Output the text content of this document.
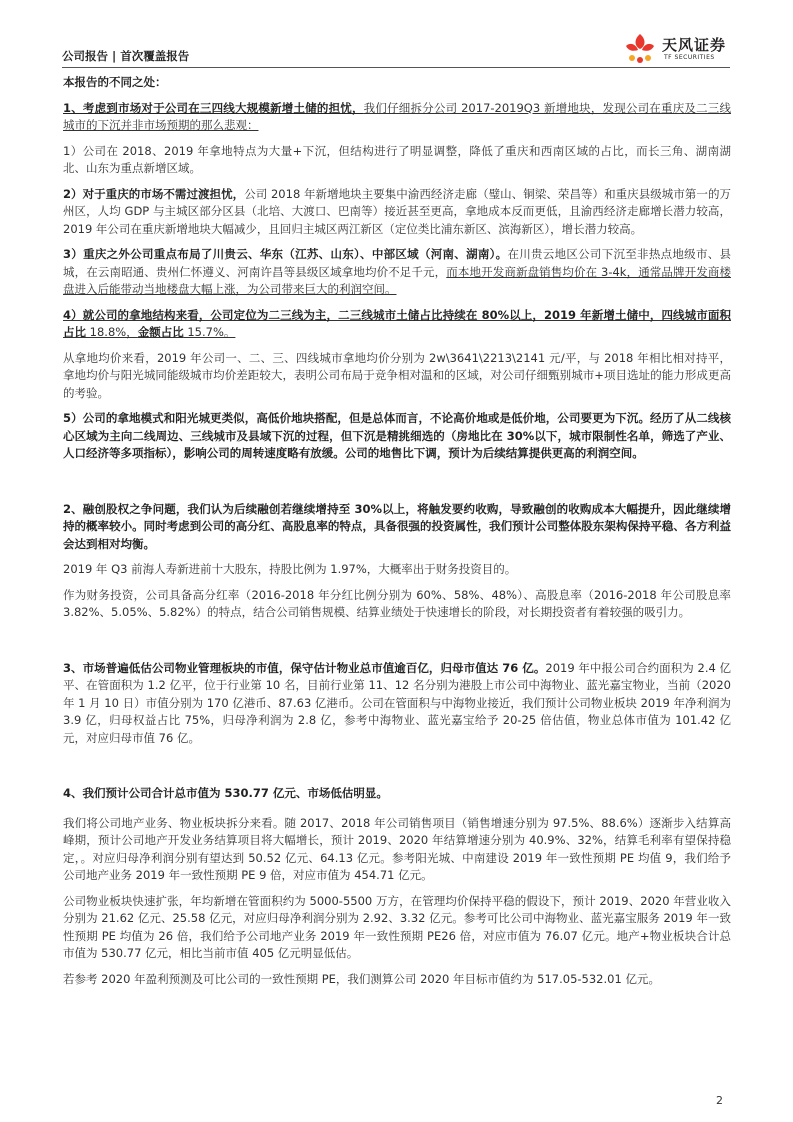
公司报告 | 首次覆盖报告
天风证券
TF SECURITIES

本报告的不同之处：

1、考虑到市场对于公司在三四线大规模新增土储的担忧，我们仔细拆分公司 2017-2019Q3 新增地块，发现公司在重庆及二三线城市的下沉并非市场预期的那么悲观：

1）公司在 2018、2019 年拿地特点为大量+下沉，但结构进行了明显调整，降低了重庆和西南区域的占比，而长三角、湖南湖北、山东为重点新增区域。

2）对于重庆的市场不需过渡担忧，公司 2018 年新增地块主要集中渝西经济走廊（璧山、铜梁、荣昌等）和重庆县级城市第一的万州区，人均 GDP 与主城区部分区县（北培、大渡口、巴南等）接近甚至更高，拿地成本反而更低，且渝西经济走廊增长潜力较高，2019 年公司在重庆新增地块大幅减少，且回归主城区两江新区（定位类比浦东新区、滨海新区），增长潜力较高。

3）重庆之外公司重点布局了川贵云、华东（江苏、山东）、中部区域（河南、湖南）。在川贵云地区公司下沉至非热点地级市、县城，在云南昭通、贵州仁怀遵义、河南许昌等县级区域拿地均价不足千元，而本地开发商新盘销售均价在 3-4k，通常品牌开发商楼盘进入后能带动当地楼盘大幅上涨，为公司带来巨大的利润空间。

4）就公司的拿地结构来看，公司定位为二三线为主，二三线城市土储占比持续在 80%以上，2019 年新增土储中，四线城市面积占比 18.8%，金额占比 15.7%。

从拿地均价来看，2019 年公司一、二、三、四线城市拿地均价分别为 2w\3641\2213\2141 元/平，与 2018 年相比相对持平，拿地均价与阳光城同能级城市均价差距较大，表明公司布局于竞争相对温和的区域，对公司仔细甄别城市+项目选址的能力形成更高的考验。

5）公司的拿地模式和阳光城更类似，高低价地块搭配，但是总体而言，不论高价地或是低价地，公司要更为下沉。经历了从二线核心区域为主向二线周边、三线城市及县域下沉的过程，但下沉是精挑细选的（房地比在 30%以下，城市限制性名单，筛选了产业、人口经济等多项指标），影响公司的周转速度略有放缓。公司的地售比下调，预计为后续结算提供更高的利润空间。

2、融创股权之争问题，我们认为后续融创若继续增持至 30%以上，将触发要约收购，导致融创的收购成本大幅提升，因此继续增持的概率较小。同时考虑到公司的高分红、高股息率的特点，具备很强的投资属性，我们预计公司整体股东架构保持平稳、各方利益会达到相对均衡。

2019 年 Q3 前海人寿新进前十大股东，持股比例为 1.97%，大概率出于财务投资目的。

作为财务投资，公司具备高分红率（2016-2018 年分红比例分别为 60%、58%、48%）、高股息率（2016-2018 年公司股息率 3.82%、5.05%、5.82%）的特点，结合公司销售规模、结算业绩处于快速增长的阶段，对长期投资者有着较强的吸引力。

3、市场普遍低估公司物业管理板块的市值，保守估计物业总市值逾百亿，归母市值达 76 亿。2019 年中报公司合约面积为 2.4 亿平、在管面积为 1.2 亿平，位于行业第 10 名，目前行业第 11、12 名分别为港股上市公司中海物业、蓝光嘉宝物业，当前（2020 年 1 月 10 日）市值分别为 170 亿港币、87.63 亿港币。公司在管面积与中海物业接近，我们预计公司物业板块 2019 年净利润为 3.9 亿，归母权益占比 75%，归母净利润为 2.8 亿，参考中海物业、蓝光嘉宝给予 20-25 倍估值，物业总体市值为 101.42 亿元，对应归母市值 76 亿。

4、我们预计公司合计总市值为 530.77 亿元、市场低估明显。

我们将公司地产业务、物业板块拆分来看。随 2017、2018 年公司销售项目（销售增速分别为 97.5%、88.6%）逐渐步入结算高峰期，预计公司地产开发业务结算项目将大幅增长，预计 2019、2020 年结算增速分别为 40.9%、32%，结算毛利率有望保持稳定，。对应归母净利润分别有望达到 50.52 亿元、64.13 亿元。参考阳光城、中南建设 2019 年一致性预期 PE 均值 9，我们给予公司地产业务 2019 年一致性预期 PE 9 倍，对应市值为 454.71 亿元。

公司物业板块快速扩张，年均新增在管面积约为 5000-5500 万方，在管理均价保持平稳的假设下，预计 2019、2020 年营业收入分别为 21.62 亿元、25.58 亿元，对应归母净利润分别为 2.92、3.32 亿元。参考可比公司中海物业、蓝光嘉宝服务 2019 年一致性预期 PE 均值为 26 倍，我们给予公司地产业务 2019 年一致性预期 PE26 倍，对应市值为 76.07 亿元。地产+物业板块合计总市值为 530.77 亿元，相比当前市值 405 亿元明显低估。

若参考 2020 年盈利预测及可比公司的一致性预期 PE，我们测算公司 2020 年目标市值约为 517.05-532.01 亿元。

2
